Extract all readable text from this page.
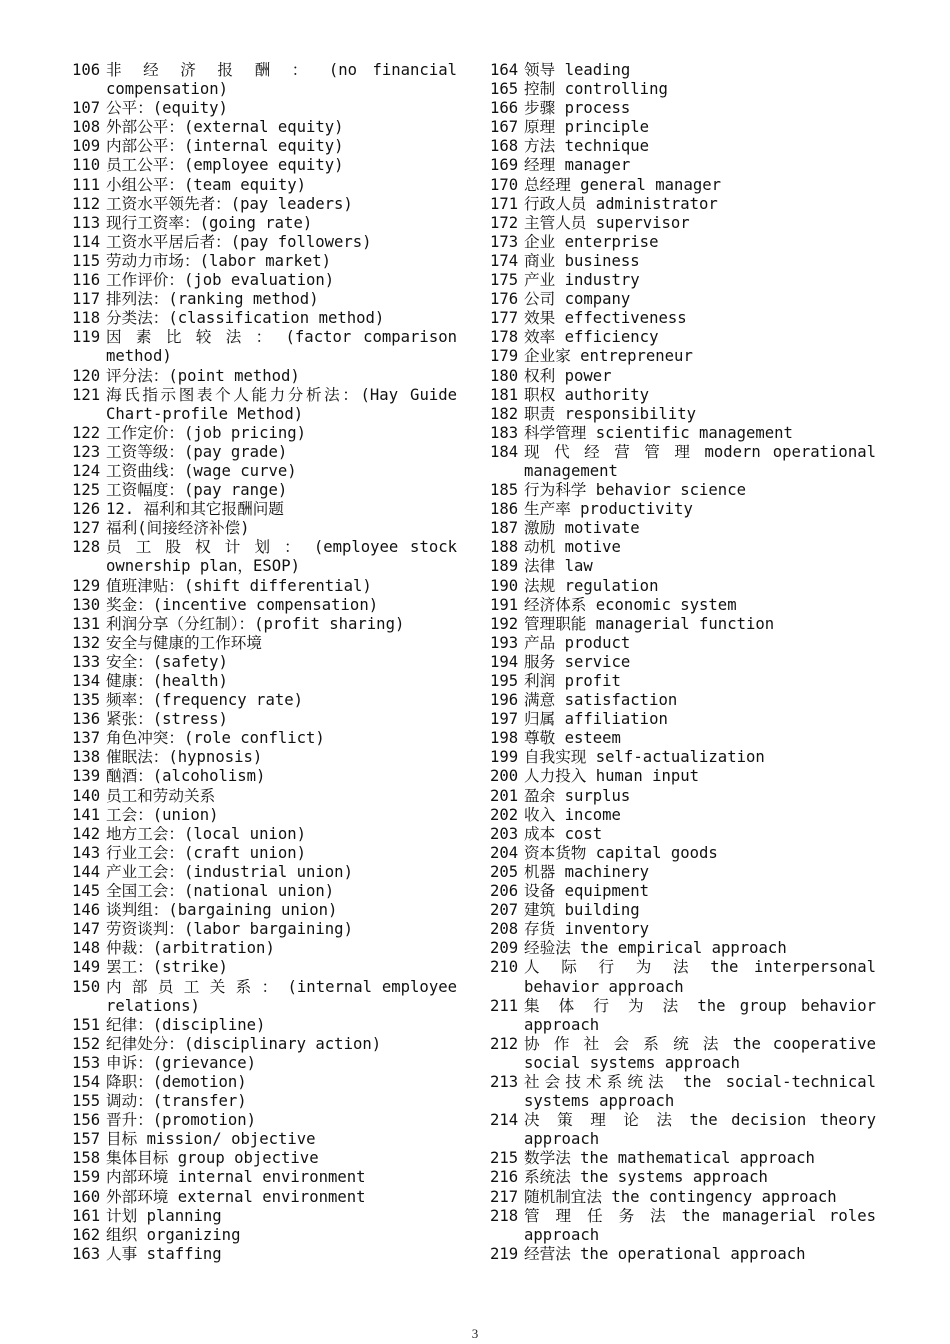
106 非 经 济 报 酬 ： (no financial compensation)
107 公平：(equity)
108 外部公平：(external equity)
109 内部公平：(internal equity)
110 员工公平：(employee equity)
111 小组公平：(team equity)
112 工资水平领先者：(pay leaders)
113 现行工资率：(going rate)
114 工资水平居后者：(pay followers)
115 劳动力市场：(labor market)
116 工作评价：(job evaluation)
117 排列法：(ranking method)
118 分类法：(classification method)
119 因 素 比 较 法 ： (factor comparison method)
120 评分法：(point method)
121 海氏指示图表个人能力分析法：(Hay Guide Chart-profile Method)
122 工作定价：(job pricing)
123 工资等级：(pay grade)
124 工资曲线：(wage curve)
125 工资幅度：(pay range)
126 12. 福利和其它报酬问题
127 福利(间接经济补偿)
128 员 工 股 权 计 划 ： (employee stock ownership plan，ESOP)
129 值班津贴：(shift differential)
130 奖金：(incentive compensation)
131 利润分享（分红制）：(profit sharing)
132 安全与健康的工作环境
133 安全：(safety)
134 健康：(health)
135 频率：(frequency rate)
136 紧张：(stress)
137 角色冲突：(role conflict)
138 催眠法：(hypnosis)
139 酗酒：(alcoholism)
140 员工和劳动关系
141 工会：(union)
142 地方工会：(local union)
143 行业工会：(craft union)
144 产业工会：(industrial union)
145 全国工会：(national union)
146 谈判组：(bargaining union)
147 劳资谈判：(labor bargaining)
148 仲裁：(arbitration)
149 罢工：(strike)
150 内 部 员 工 关 系 ： (internal employee relations)
151 纪律：(discipline)
152 纪律处分：(disciplinary action)
153 申诉：(grievance)
154 降职：(demotion)
155 调动：(transfer)
156 晋升：(promotion)
157 目标 mission/ objective
158 集体目标 group objective
159 内部环境 internal environment
160 外部环境 external environment
161 计划 planning
162 组织 organizing
163 人事 staffing
164 领导 leading
165 控制 controlling
166 步骤 process
167 原理 principle
168 方法 technique
169 经理 manager
170 总经理 general manager
171 行政人员 administrator
172 主管人员 supervisor
173 企业 enterprise
174 商业 business
175 产业 industry
176 公司 company
177 效果 effectiveness
178 效率 efficiency
179 企业家 entrepreneur
180 权利 power
181 职权 authority
182 职责 responsibility
183 科学管理 scientific management
184 现 代 经 营 管 理 modern operational management
185 行为科学 behavior science
186 生产率 productivity
187 激励 motivate
188 动机 motive
189 法律 law
190 法规 regulation
191 经济体系 economic system
192 管理职能 managerial function
193 产品 product
194 服务 service
195 利润 profit
196 满意 satisfaction
197 归属 affiliation
198 尊敬 esteem
199 自我实现 self-actualization
200 人力投入 human input
201 盈余 surplus
202 收入 income
203 成本 cost
204 资本货物 capital goods
205 机器 machinery
206 设备 equipment
207 建筑 building
208 存货 inventory
209 经验法 the empirical approach
210 人 际 行 为 法 the interpersonal behavior approach
211 集 体 行 为 法 the group behavior approach
212 协 作 社 会 系 统 法 the cooperative social systems approach
213 社会技术系统法 the social-technical systems approach
214 决 策 理 论 法 the decision theory approach
215 数学法 the mathematical approach
216 系统法 the systems approach
217 随机制宜法 the contingency approach
218 管 理 任 务 法 the managerial roles approach
219 经营法 the operational approach
3
